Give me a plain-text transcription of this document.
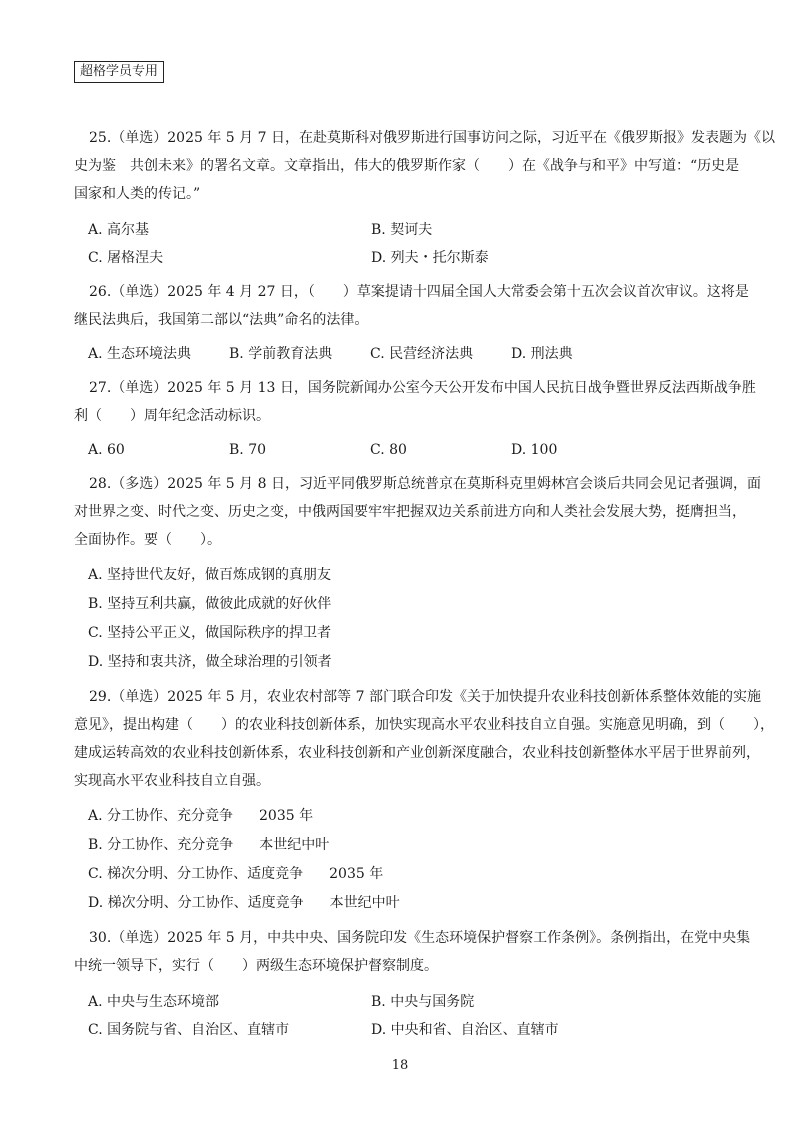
超格学员专用
25.（单选）2025 年 5 月 7 日，在赴莫斯科对俄罗斯进行国事访问之际，习近平在《俄罗斯报》发表题为《以
史为鉴　共创未来》的署名文章。文章指出，伟大的俄罗斯作家（　　）在《战争与和平》中写道：“历史是
国家和人类的传记。”
A. 高尔基	B. 契诃夫
C. 屠格涅夫	D. 列夫・托尔斯泰
26.（单选）2025 年 4 月 27 日，（　　）草案提请十四届全国人大常委会第十五次会议首次审议。这将是
继民法典后，我国第二部以“法典”命名的法律。
A. 生态环境法典	B. 学前教育法典	C. 民营经济法典	D. 刑法典
27.（单选）2025 年 5 月 13 日，国务院新闻办公室今天公开发布中国人民抗日战争暨世界反法西斯战争胜
利（　　）周年纪念活动标识。
A. 60	B. 70	C. 80	D. 100
28.（多选）2025 年 5 月 8 日，习近平同俄罗斯总统普京在莫斯科克里姆林宫会谈后共同会见记者强调，面
对世界之变、时代之变、历史之变，中俄两国要牢牢把握双边关系前进方向和人类社会发展大势，挺膺担当，
全面协作。要（　　）。
A. 坚持世代友好，做百炼成钢的真朋友
B. 坚持互利共赢，做彼此成就的好伙伴
C. 坚持公平正义，做国际秩序的捍卫者
D. 坚持和衷共济，做全球治理的引领者
29.（单选）2025 年 5 月，农业农村部等 7 部门联合印发《关于加快提升农业科技创新体系整体效能的实施
意见》，提出构建（　　）的农业科技创新体系，加快实现高水平农业科技自立自强。实施意见明确，到（　　），
建成运转高效的农业科技创新体系，农业科技创新和产业创新深度融合，农业科技创新整体水平居于世界前列，
实现高水平农业科技自立自强。
A. 分工协作、充分竞争 2035 年
B. 分工协作、充分竞争 本世纪中叶
C. 梯次分明、分工协作、适度竞争 2035 年
D. 梯次分明、分工协作、适度竞争 本世纪中叶
30.（单选）2025 年 5 月，中共中央、国务院印发《生态环境保护督察工作条例》。条例指出，在党中央集
中统一领导下，实行（　　）两级生态环境保护督察制度。
A. 中央与生态环境部	B. 中央与国务院
C. 国务院与省、自治区、直辖市	D. 中央和省、自治区、直辖市
18
